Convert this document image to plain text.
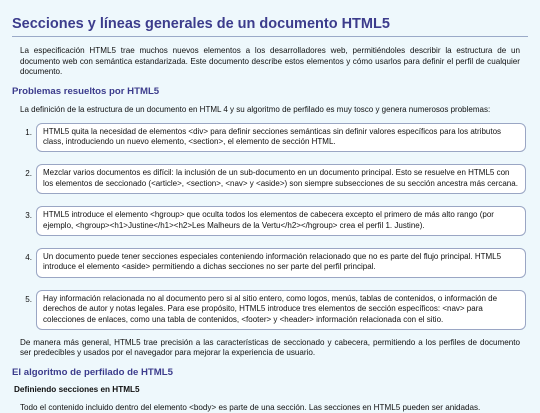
Secciones y líneas generales de un documento HTML5

La especificación HTML5 trae muchos nuevos elementos a los desarrolladores web, permitiéndoles describir la estructura de un documento web con semántica estandarizada. Este documento describe estos elementos y cómo usarlos para definir el perfil de cualquier documento.

Problemas resueltos por HTML5

La definición de la estructura de un documento en HTML 4 y su algoritmo de perfilado es muy tosco y genera numerosos problemas:

1.	HTML5 quita la necesidad de elementos <div> para definir secciones semánticas sin definir valores específicos para los atributos class, introduciendo un nuevo elemento, <section>, el elemento de sección HTML.
2.	Mezclar varios documentos es difícil: la inclusión de un sub-documento en un documento principal. Esto se resuelve en HTML5 con los elementos de seccionado (<article>, <section>, <nav> y <aside>) son siempre subsecciones de su sección ancestra más cercana.
3.	HTML5 introduce el elemento <hgroup> que oculta todos los elementos de cabecera excepto el primero de más alto rango (por ejemplo, <hgroup><h1>Justine</h1><h2>Les Malheurs de la Vertu</h2></hgroup> crea el perfil 1. Justine).
4.	Un documento puede tener secciones especiales conteniendo información relacionado que no es parte del flujo principal. HTML5 introduce el elemento <aside> permitiendo a dichas secciones no ser parte del perfil principal.
5.	Hay información relacionada no al documento pero si al sitio entero, como logos, menús, tablas de contenidos, o información de derechos de autor y notas legales. Para ese propósito, HTML5 introduce tres elementos de sección específicos: <nav> para colecciones de enlaces, como una tabla de contenidos, <footer> y <header> información relacionada con el sitio.

De manera más general, HTML5 trae precisión a las características de seccionado y cabecera, permitiendo a los perfiles de documento ser predecibles y usados por el navegador para mejorar la experiencia de usuario.

El algoritmo de perfilado de HTML5
Definiendo secciones en HTML5

Todo el contenido incluido dentro del elemento <body> es parte de una sección. Las secciones en HTML5 pueden ser anidadas.
